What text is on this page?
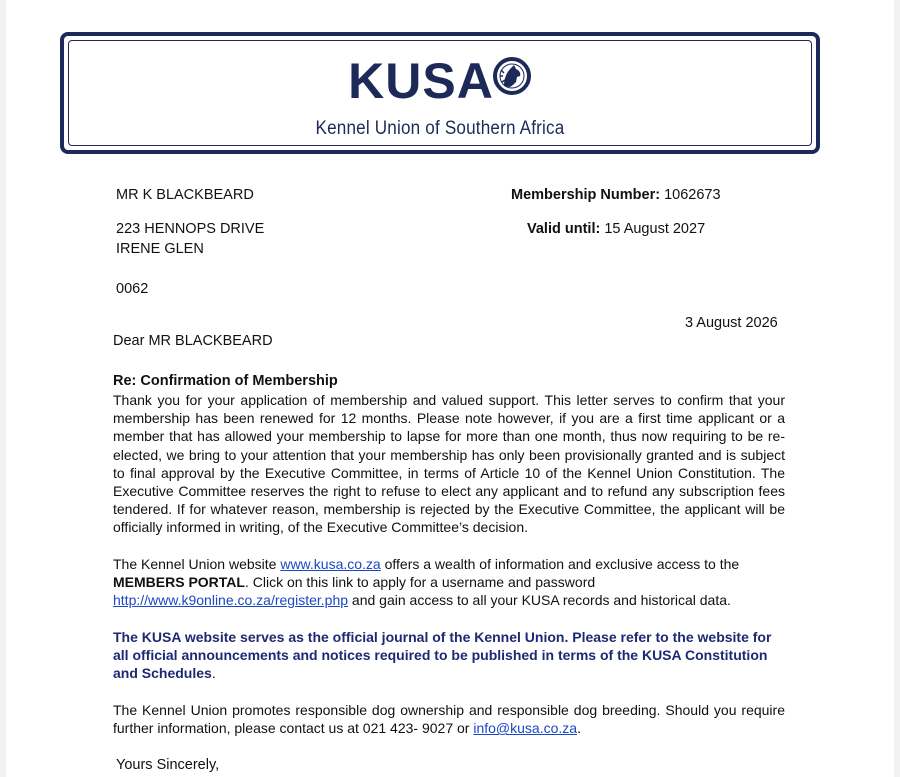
KUSA
Kennel Union of Southern Africa
MR K BLACKBEARD
223 HENNOPS DRIVE
IRENE GLEN
0062
Membership Number: 1062673
Valid until: 15 August 2027
3 August 2026
Dear MR BLACKBEARD
Re: Confirmation of Membership
Thank you for your application of membership and valued support. This letter serves to confirm that your membership has been renewed for 12 months. Please note however, if you are a first time applicant or a member that has allowed your membership to lapse for more than one month, thus now requiring to be re-elected, we bring to your attention that your membership has only been provisionally granted and is subject to final approval by the Executive Committee, in terms of Article 10 of the Kennel Union Constitution. The Executive Committee reserves the right to refuse to elect any applicant and to refund any subscription fees tendered. If for whatever reason, membership is rejected by the Executive Committee, the applicant will be officially informed in writing, of the Executive Committee’s decision.
The Kennel Union website www.kusa.co.za offers a wealth of information and exclusive access to the MEMBERS PORTAL. Click on this link to apply for a username and password http://www.k9online.co.za/register.php and gain access to all your KUSA records and historical data.
The KUSA website serves as the official journal of the Kennel Union. Please refer to the website for all official announcements and notices required to be published in terms of the KUSA Constitution and Schedules.
The Kennel Union promotes responsible dog ownership and responsible dog breeding. Should you require further information, please contact us at 021 423- 9027 or info@kusa.co.za.
Yours Sincerely,
